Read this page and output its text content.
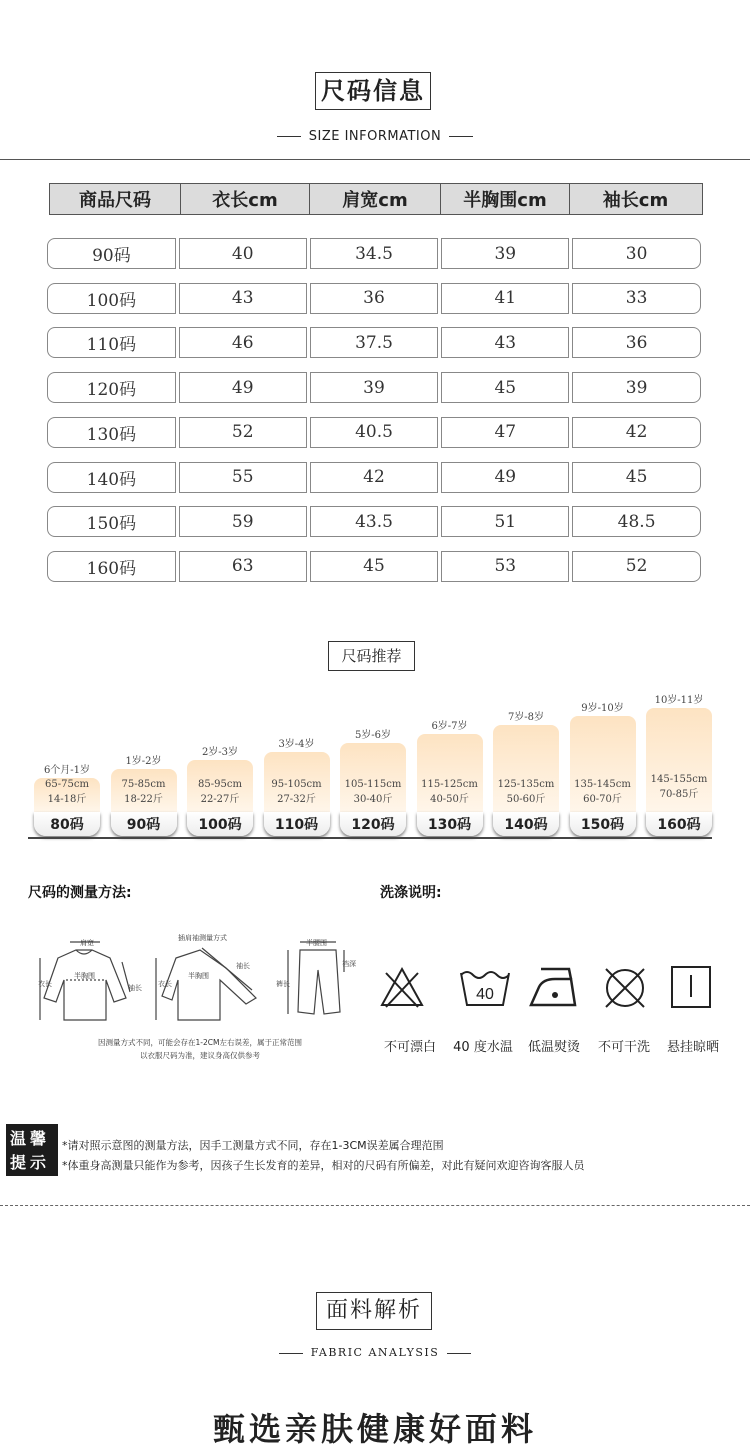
尺码信息
SIZE INFORMATION
商品尺码	衣长cm	肩宽cm	半胸围cm	袖长cm
90码	40	34.5	39	30
100码	43	36	41	33
110码	46	37.5	43	36
120码	49	39	45	39
130码	52	40.5	47	42
140码	55	42	49	45
150码	59	43.5	51	48.5
160码	63	45	53	52
尺码推荐
6个月-1岁
65-75cm
14-18斤
80码
1岁-2岁
75-85cm
18-22斤
90码
2岁-3岁
85-95cm
22-27斤
100码
3岁-4岁
95-105cm
27-32斤
110码
5岁-6岁
105-115cm
30-40斤
120码
6岁-7岁
115-125cm
40-50斤
130码
7岁-8岁
125-135cm
50-60斤
140码
9岁-10岁
135-145cm
60-70斤
150码
10岁-11岁
145-155cm
70-85斤
160码
尺码的测量方法:	洗涤说明:
肩宽
衣长
半胸围
袖长
插肩袖测量方式
衣长
半胸围
袖长
半腰围
裤长
裆深
因测量方式不同，可能会存在1-2CM左右误差，属于正常范围
以衣服尺码为准，建议身高仅供参考
40
不可漂白	40 度水温	低温熨烫	不可干洗	悬挂晾晒
温馨
提示
*请对照示意图的测量方法，因手工测量方式不同，存在1-3CM误差属合理范围
*体重身高测量只能作为参考，因孩子生长发育的差异，相对的尺码有所偏差，对此有疑问欢迎咨询客服人员
面料解析
FABRIC ANALYSIS
甄选亲肤健康好面料
